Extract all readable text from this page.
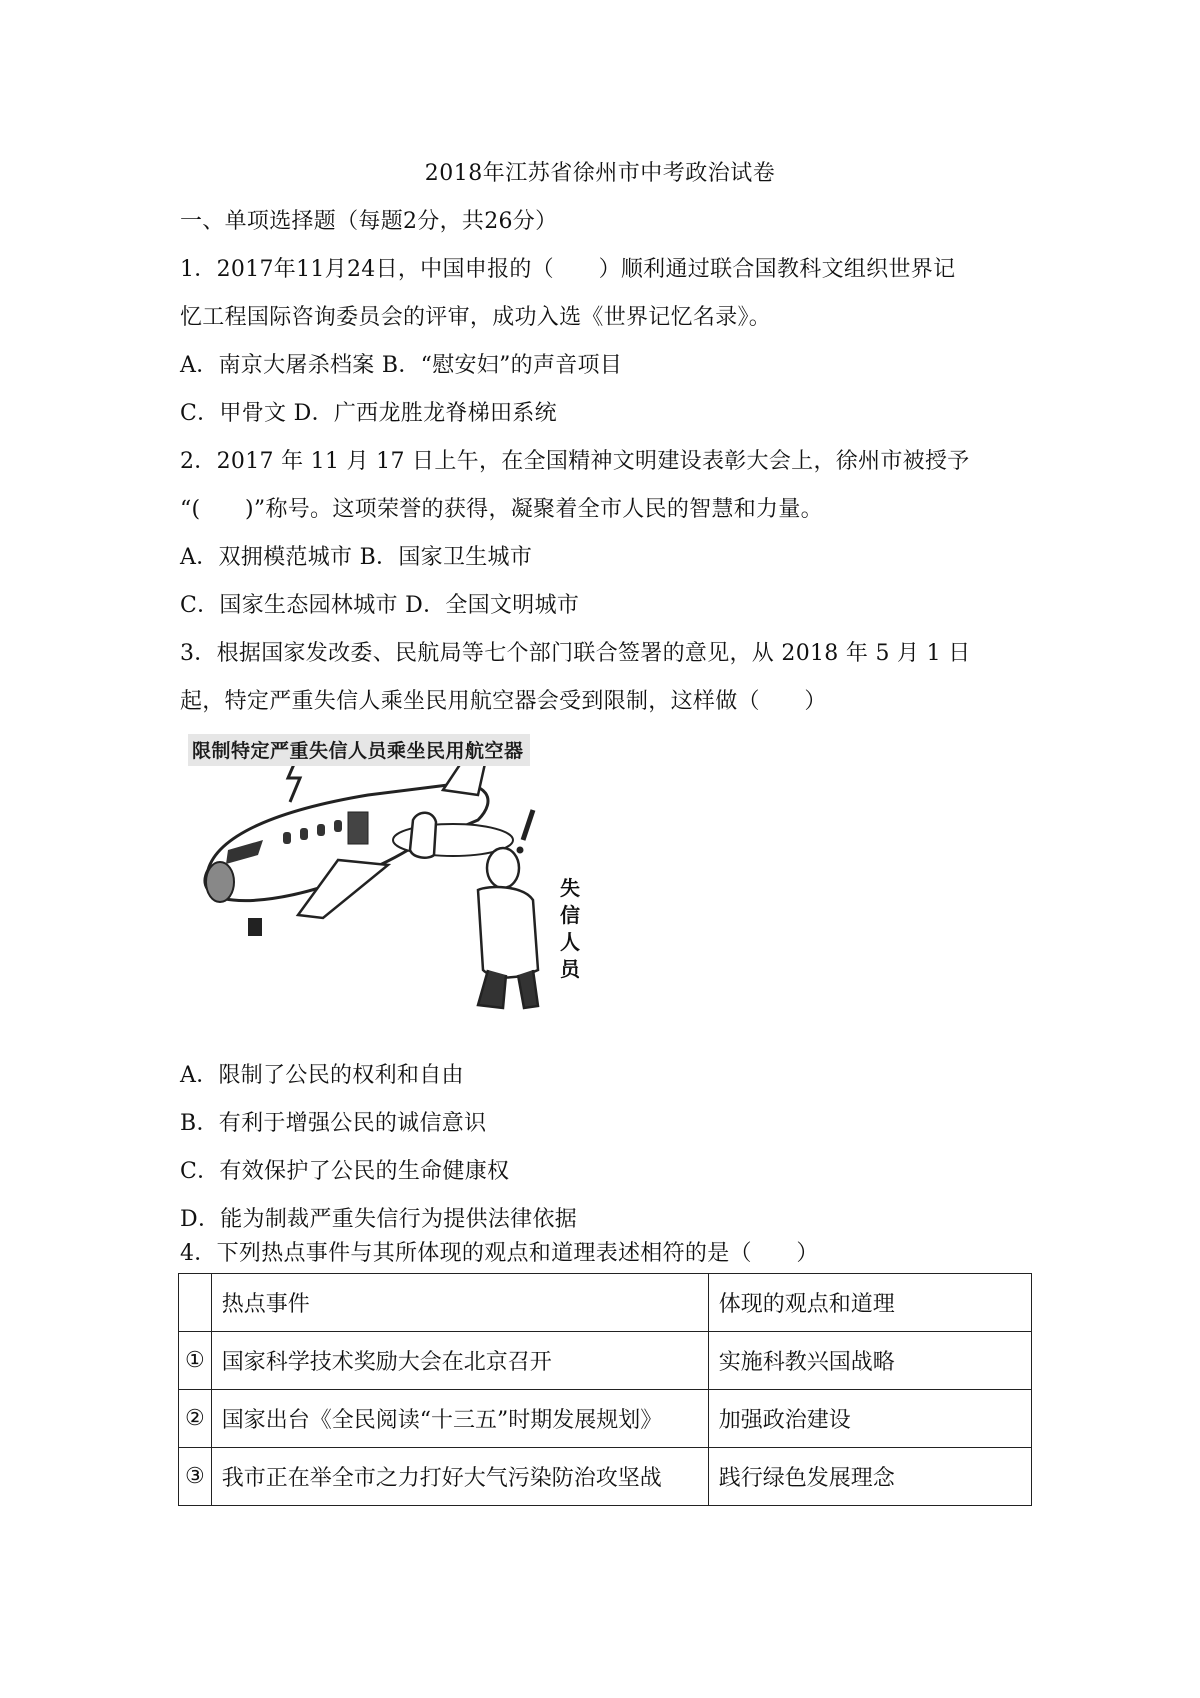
2018年江苏省徐州市中考政治试卷
一、单项选择题（每题2分，共26分）
1．2017年11月24日，中国申报的（　　）顺利通过联合国教科文组织世界记
忆工程国际咨询委员会的评审，成功入选《世界记忆名录》。
A．南京大屠杀档案 B．“慰安妇”的声音项目
C．甲骨文 D．广西龙胜龙脊梯田系统
2．2017 年 11 月 17 日上午，在全国精神文明建设表彰大会上，徐州市被授予
“(　　)”称号。这项荣誉的获得，凝聚着全市人民的智慧和力量。
A．双拥模范城市 B．国家卫生城市
C．国家生态园林城市 D．全国文明城市
3．根据国家发改委、民航局等七个部门联合签署的意见，从 2018 年 5 月 1 日
起，特定严重失信人乘坐民用航空器会受到限制，这样做（　　）
失
信
人
员
限制特定严重失信人员乘坐民用航空器
A．限制了公民的权利和自由
B．有利于增强公民的诚信意识
C．有效保护了公民的生命健康权
D．能为制裁严重失信行为提供法律依据
4．下列热点事件与其所体现的观点和道理表述相符的是（　　）
	热点事件	体现的观点和道理
①	国家科学技术奖励大会在北京召开	实施科教兴国战略
②	国家出台《全民阅读“十三五”时期发展规划》	加强政治建设
③	我市正在举全市之力打好大气污染防治攻坚战	践行绿色发展理念
